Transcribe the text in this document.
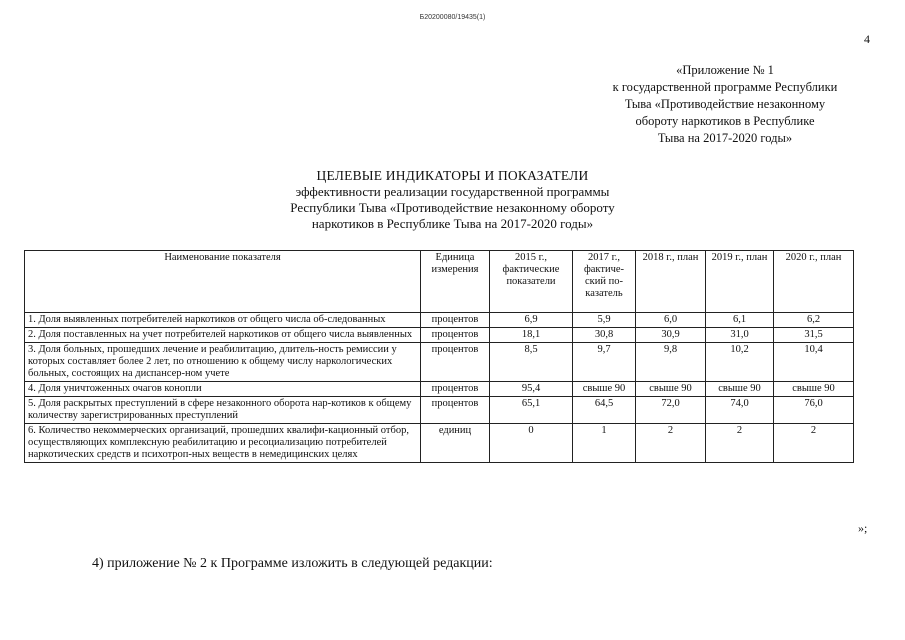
Б20200080/19435(1)
4
«Приложение № 1
к государственной программе Республики
Тыва «Противодействие незаконному
обороту наркотиков в Республике
Тыва на 2017-2020 годы»
ЦЕЛЕВЫЕ ИНДИКАТОРЫ И ПОКАЗАТЕЛИ
эффективности реализации государственной программы
Республики Тыва «Противодействие незаконному обороту
наркотиков в Республике Тыва на 2017-2020 годы»
Наименование показателя	Единица измерения	2015 г., фактические показатели	2017 г., фактиче-ский по-казатель	2018 г., план	2019 г., план	2020 г., план
1. Доля выявленных потребителей наркотиков от общего числа об-следованных	процентов	6,9	5,9	6,0	6,1	6,2
2. Доля поставленных на учет потребителей наркотиков от общего числа выявленных	процентов	18,1	30,8	30,9	31,0	31,5
3. Доля больных, прошедших лечение и реабилитацию, длитель-ность ремиссии у которых составляет более 2 лет, по отношению к общему числу наркологических больных, состоящих на диспансер-ном учете	процентов	8,5	9,7	9,8	10,2	10,4
4. Доля уничтоженных очагов конопли	процентов	95,4	свыше 90	свыше 90	свыше 90	свыше 90
5. Доля раскрытых преступлений в сфере незаконного оборота нар-котиков к общему количеству зарегистрированных преступлений	процентов	65,1	64,5	72,0	74,0	76,0
6. Количество некоммерческих организаций, прошедших квалифи-кационный отбор, осуществляющих комплексную реабилитацию и ресоциализацию потребителей наркотических средств и психотроп-ных веществ в немедицинских целях	единиц	0	1	2	2	2
»;
4) приложение № 2 к Программе изложить в следующей редакции:
